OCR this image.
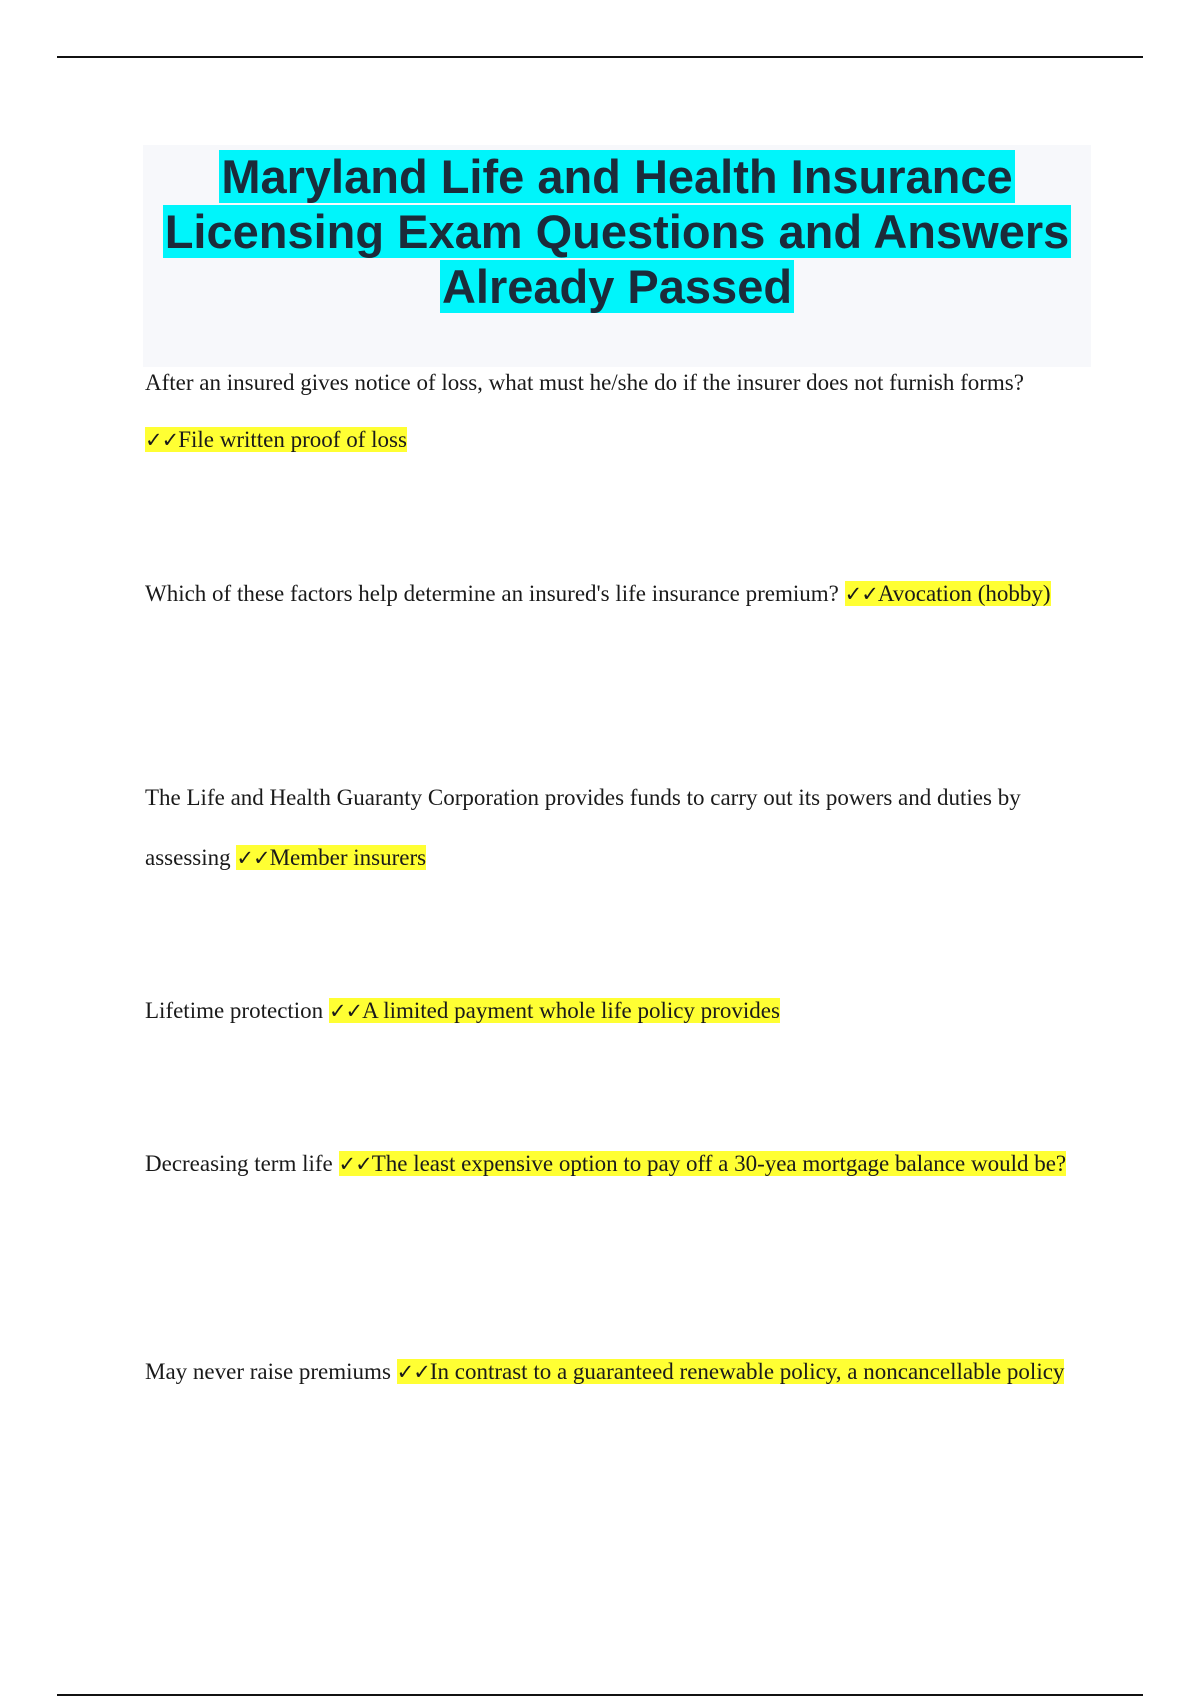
Maryland Life and Health Insurance
Licensing Exam Questions and Answers
Already Passed
After an insured gives notice of loss, what must he/she do if the insurer does not furnish forms?
✓✓File written proof of loss
Which of these factors help determine an insured's life insurance premium? ✓✓Avocation (hobby)
The Life and Health Guaranty Corporation provides funds to carry out its powers and duties by assessing ✓✓Member insurers
Lifetime protection ✓✓A limited payment whole life policy provides
Decreasing term life ✓✓The least expensive option to pay off a 30-yea mortgage balance would be?
May never raise premiums ✓✓In contrast to a guaranteed renewable policy, a noncancellable policy
